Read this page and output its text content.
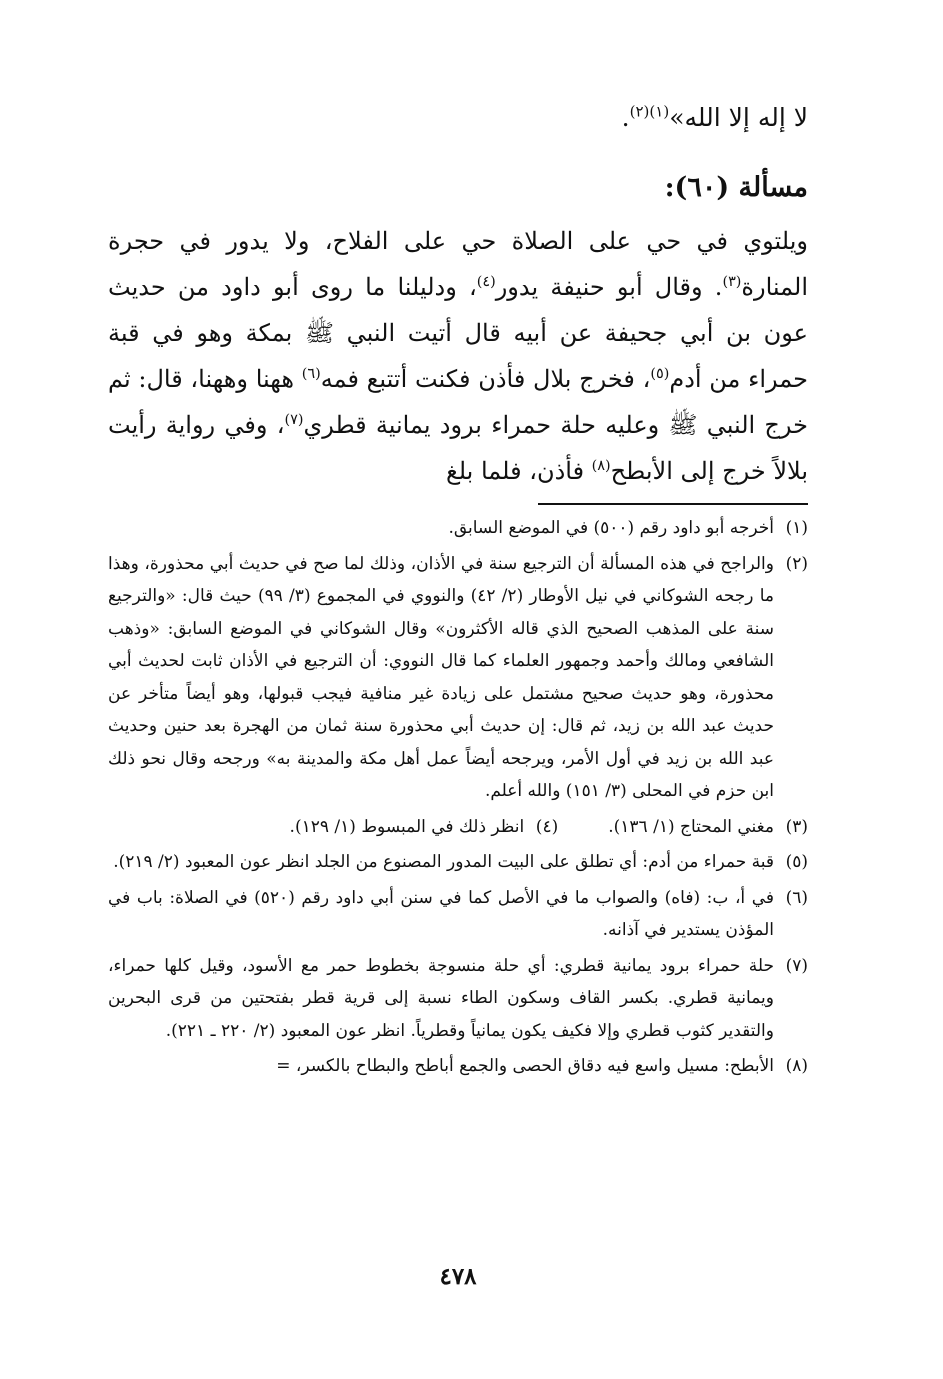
لا إله إلا الله»$^{(١)(٢)}$.
مسألة (٦٠):

ويلتوي في حي على الصلاة حي على الفلاح، ولا يدور في حجرة المنارة$^{(٣)}$. وقال أبو حنيفة يدور$^{(٤)}$، ودليلنا ما روى أبو داود من حديث عون بن أبي جحيفة عن أبيه قال أتيت النبي ﷺ بمكة وهو في قبة حمراء من أدم$^{(٥)}$، فخرج بلال فأذن فكنت أتتبع فمه$^{(٦)}$ ههنا وههنا، قال: ثم خرج النبي ﷺ وعليه حلة حمراء برود يمانية قطري$^{(٧)}$، وفي رواية رأيت بلالاً خرج إلى الأبطح$^{(٨)}$ فأذن، فلما بلغ

(١)
أخرجه أبو داود رقم (٥٠٠) في الموضع السابق.
(٢)
والراجح في هذه المسألة أن الترجيع سنة في الأذان، وذلك لما صح في حديث أبي محذورة، وهذا ما رجحه الشوكاني في نيل الأوطار (٢/ ٤٢) والنووي في المجموع (٣/ ٩٩) حيث قال: «والترجيع سنة على المذهب الصحيح الذي قاله الأكثرون» وقال الشوكاني في الموضع السابق: «وذهب الشافعي ومالك وأحمد وجمهور العلماء كما قال النووي: أن الترجيع في الأذان ثابت لحديث أبي محذورة، وهو حديث صحيح مشتمل على زيادة غير منافية فيجب قبولها، وهو أيضاً متأخر عن حديث عبد الله بن زيد، ثم قال: إن حديث أبي محذورة سنة ثمان من الهجرة بعد حنين وحديث عبد الله بن زيد في أول الأمر، ويرجحه أيضاً عمل أهل مكة والمدينة به» ورجحه وقال نحو ذلك ابن حزم في المحلى (٣/ ١٥١) والله أعلم.
(٣)
مغني المحتاج (١/ ١٣٦).
(٤)
انظر ذلك في المبسوط (١/ ١٢٩).
(٥)
قبة حمراء من أدم: أي تطلق على البيت المدور المصنوع من الجلد انظر عون المعبود (٢/ ٢١٩).
(٦)
في أ، ب: (فاه) والصواب ما في الأصل كما في سنن أبي داود رقم (٥٢٠) في الصلاة: باب في المؤذن يستدير في آذانه.
(٧)
حلة حمراء برود يمانية قطري: أي حلة منسوجة بخطوط حمر مع الأسود، وقيل كلها حمراء، ويمانية قطري. بكسر القاف وسكون الطاء نسبة إلى قرية قطر بفتحتين من قرى البحرين والتقدير كثوب قطري وإلا فكيف يكون يمانياً وقطرياً. انظر عون المعبود (٢/ ٢٢٠ ـ ٢٢١).
(٨)
الأبطح: مسيل واسع فيه دقاق الحصى والجمع أباطح والبطاح بالكسر، =
٤٧٨
